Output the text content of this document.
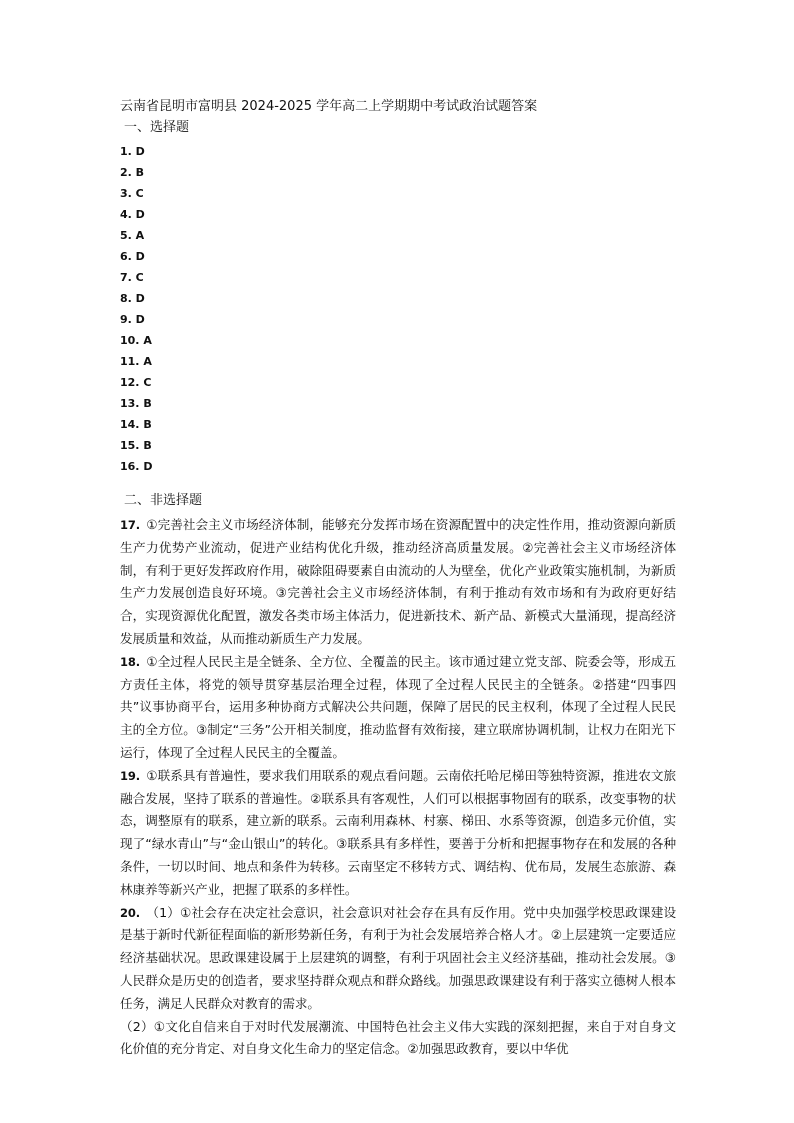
云南省昆明市富明县 2024-2025 学年高二上学期期中考试政治试题答案
一、选择题
1. D
2. B
3. C
4. D
5. A
6. D
7. C
8. D
9. D
10. A
11. A
12. C
13. B
14. B
15. B
16. D
二、非选择题

17. ①完善社会主义市场经济体制，能够充分发挥市场在资源配置中的决定性作用，推动资源向新质生产力优势产业流动，促进产业结构优化升级，推动经济高质量发展。②完善社会主义市场经济体制，有利于更好发挥政府作用，破除阻碍要素自由流动的人为壁垒，优化产业政策实施机制，为新质生产力发展创造良好环境。③完善社会主义市场经济体制，有利于推动有效市场和有为政府更好结合，实现资源优化配置，激发各类市场主体活力，促进新技术、新产品、新模式大量涌现，提高经济发展质量和效益，从而推动新质生产力发展。

18. ①全过程人民民主是全链条、全方位、全覆盖的民主。该市通过建立党支部、院委会等，形成五方责任主体，将党的领导贯穿基层治理全过程，体现了全过程人民民主的全链条。②搭建“四事四共”议事协商平台，运用多种协商方式解决公共问题，保障了居民的民主权利，体现了全过程人民民主的全方位。③制定“三务”公开相关制度，推动监督有效衔接，建立联席协调机制，让权力在阳光下运行，体现了全过程人民民主的全覆盖。

19. ①联系具有普遍性，要求我们用联系的观点看问题。云南依托哈尼梯田等独特资源，推进农文旅融合发展，坚持了联系的普遍性。②联系具有客观性，人们可以根据事物固有的联系，改变事物的状态，调整原有的联系，建立新的联系。云南利用森林、村寨、梯田、水系等资源，创造多元价值，实现了“绿水青山”与“金山银山”的转化。③联系具有多样性，要善于分析和把握事物存在和发展的各种条件，一切以时间、地点和条件为转移。云南坚定不移转方式、调结构、优布局，发展生态旅游、森林康养等新兴产业，把握了联系的多样性。

20. （1）①社会存在决定社会意识，社会意识对社会存在具有反作用。党中央加强学校思政课建设是基于新时代新征程面临的新形势新任务，有利于为社会发展培养合格人才。②上层建筑一定要适应经济基础状况。思政课建设属于上层建筑的调整，有利于巩固社会主义经济基础，推动社会发展。③人民群众是历史的创造者，要求坚持群众观点和群众路线。加强思政课建设有利于落实立德树人根本任务，满足人民群众对教育的需求。

（2）①文化自信来自于对时代发展潮流、中国特色社会主义伟大实践的深刻把握，来自于对自身文化价值的充分肯定、对自身文化生命力的坚定信念。②加强思政教育，要以中华优
